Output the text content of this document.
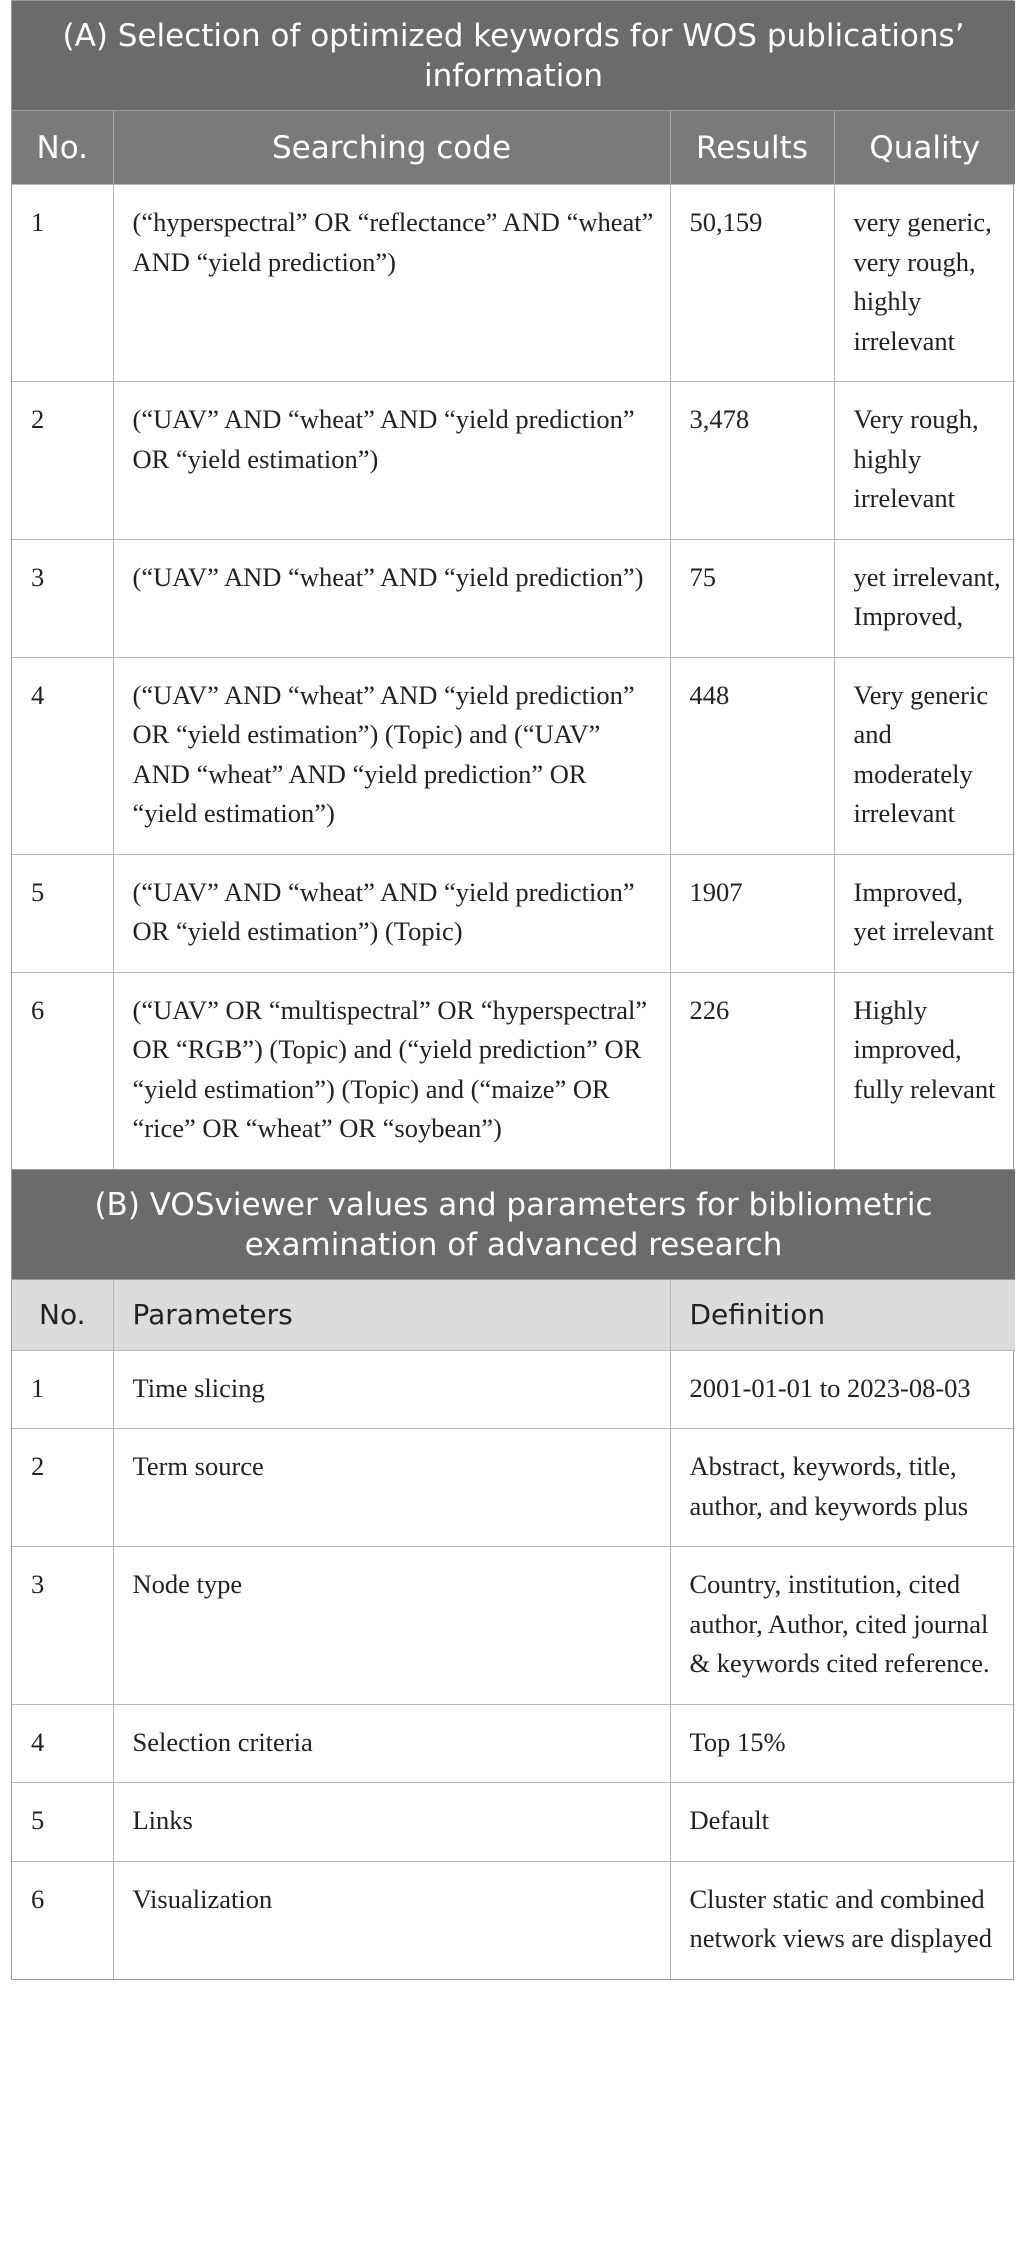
(A) Selection of optimized keywords for WOS publications’ information			
No.	Searching code	Results	Quality
1	(“hyperspectral” OR “reflectance” AND “wheat” AND “yield prediction”)	50,159	very generic, very rough, highly irrelevant
2	(“UAV” AND “wheat” AND “yield prediction” OR “yield estimation”)	3,478	Very rough, highly irrelevant
3	(“UAV” AND “wheat” AND “yield prediction”)	75	yet irrelevant, Improved,
4	(“UAV” AND “wheat” AND “yield prediction” OR “yield estimation”) (Topic) and (“UAV” AND “wheat” AND “yield prediction” OR “yield estimation”)	448	Very generic and moderately irrelevant
5	(“UAV” AND “wheat” AND “yield prediction” OR “yield estimation”) (Topic)	1907	Improved, yet irrelevant
6	(“UAV” OR “multispectral” OR “hyperspectral” OR “RGB”) (Topic) and (“yield prediction” OR “yield estimation”) (Topic) and (“maize” OR “rice” OR “wheat” OR “soybean”)	226	Highly improved, fully relevant
(B) VOSviewer values and parameters for bibliometric examination of advanced research		
No.	Parameters	Definition
1	Time slicing	2001-01-01 to 2023-08-03
2	Term source	Abstract, keywords, title, author, and keywords plus
3	Node type	Country, institution, cited author, Author, cited journal & keywords cited reference.
4	Selection criteria	Top 15%
5	Links	Default
6	Visualization	Cluster static and combined network views are displayed
